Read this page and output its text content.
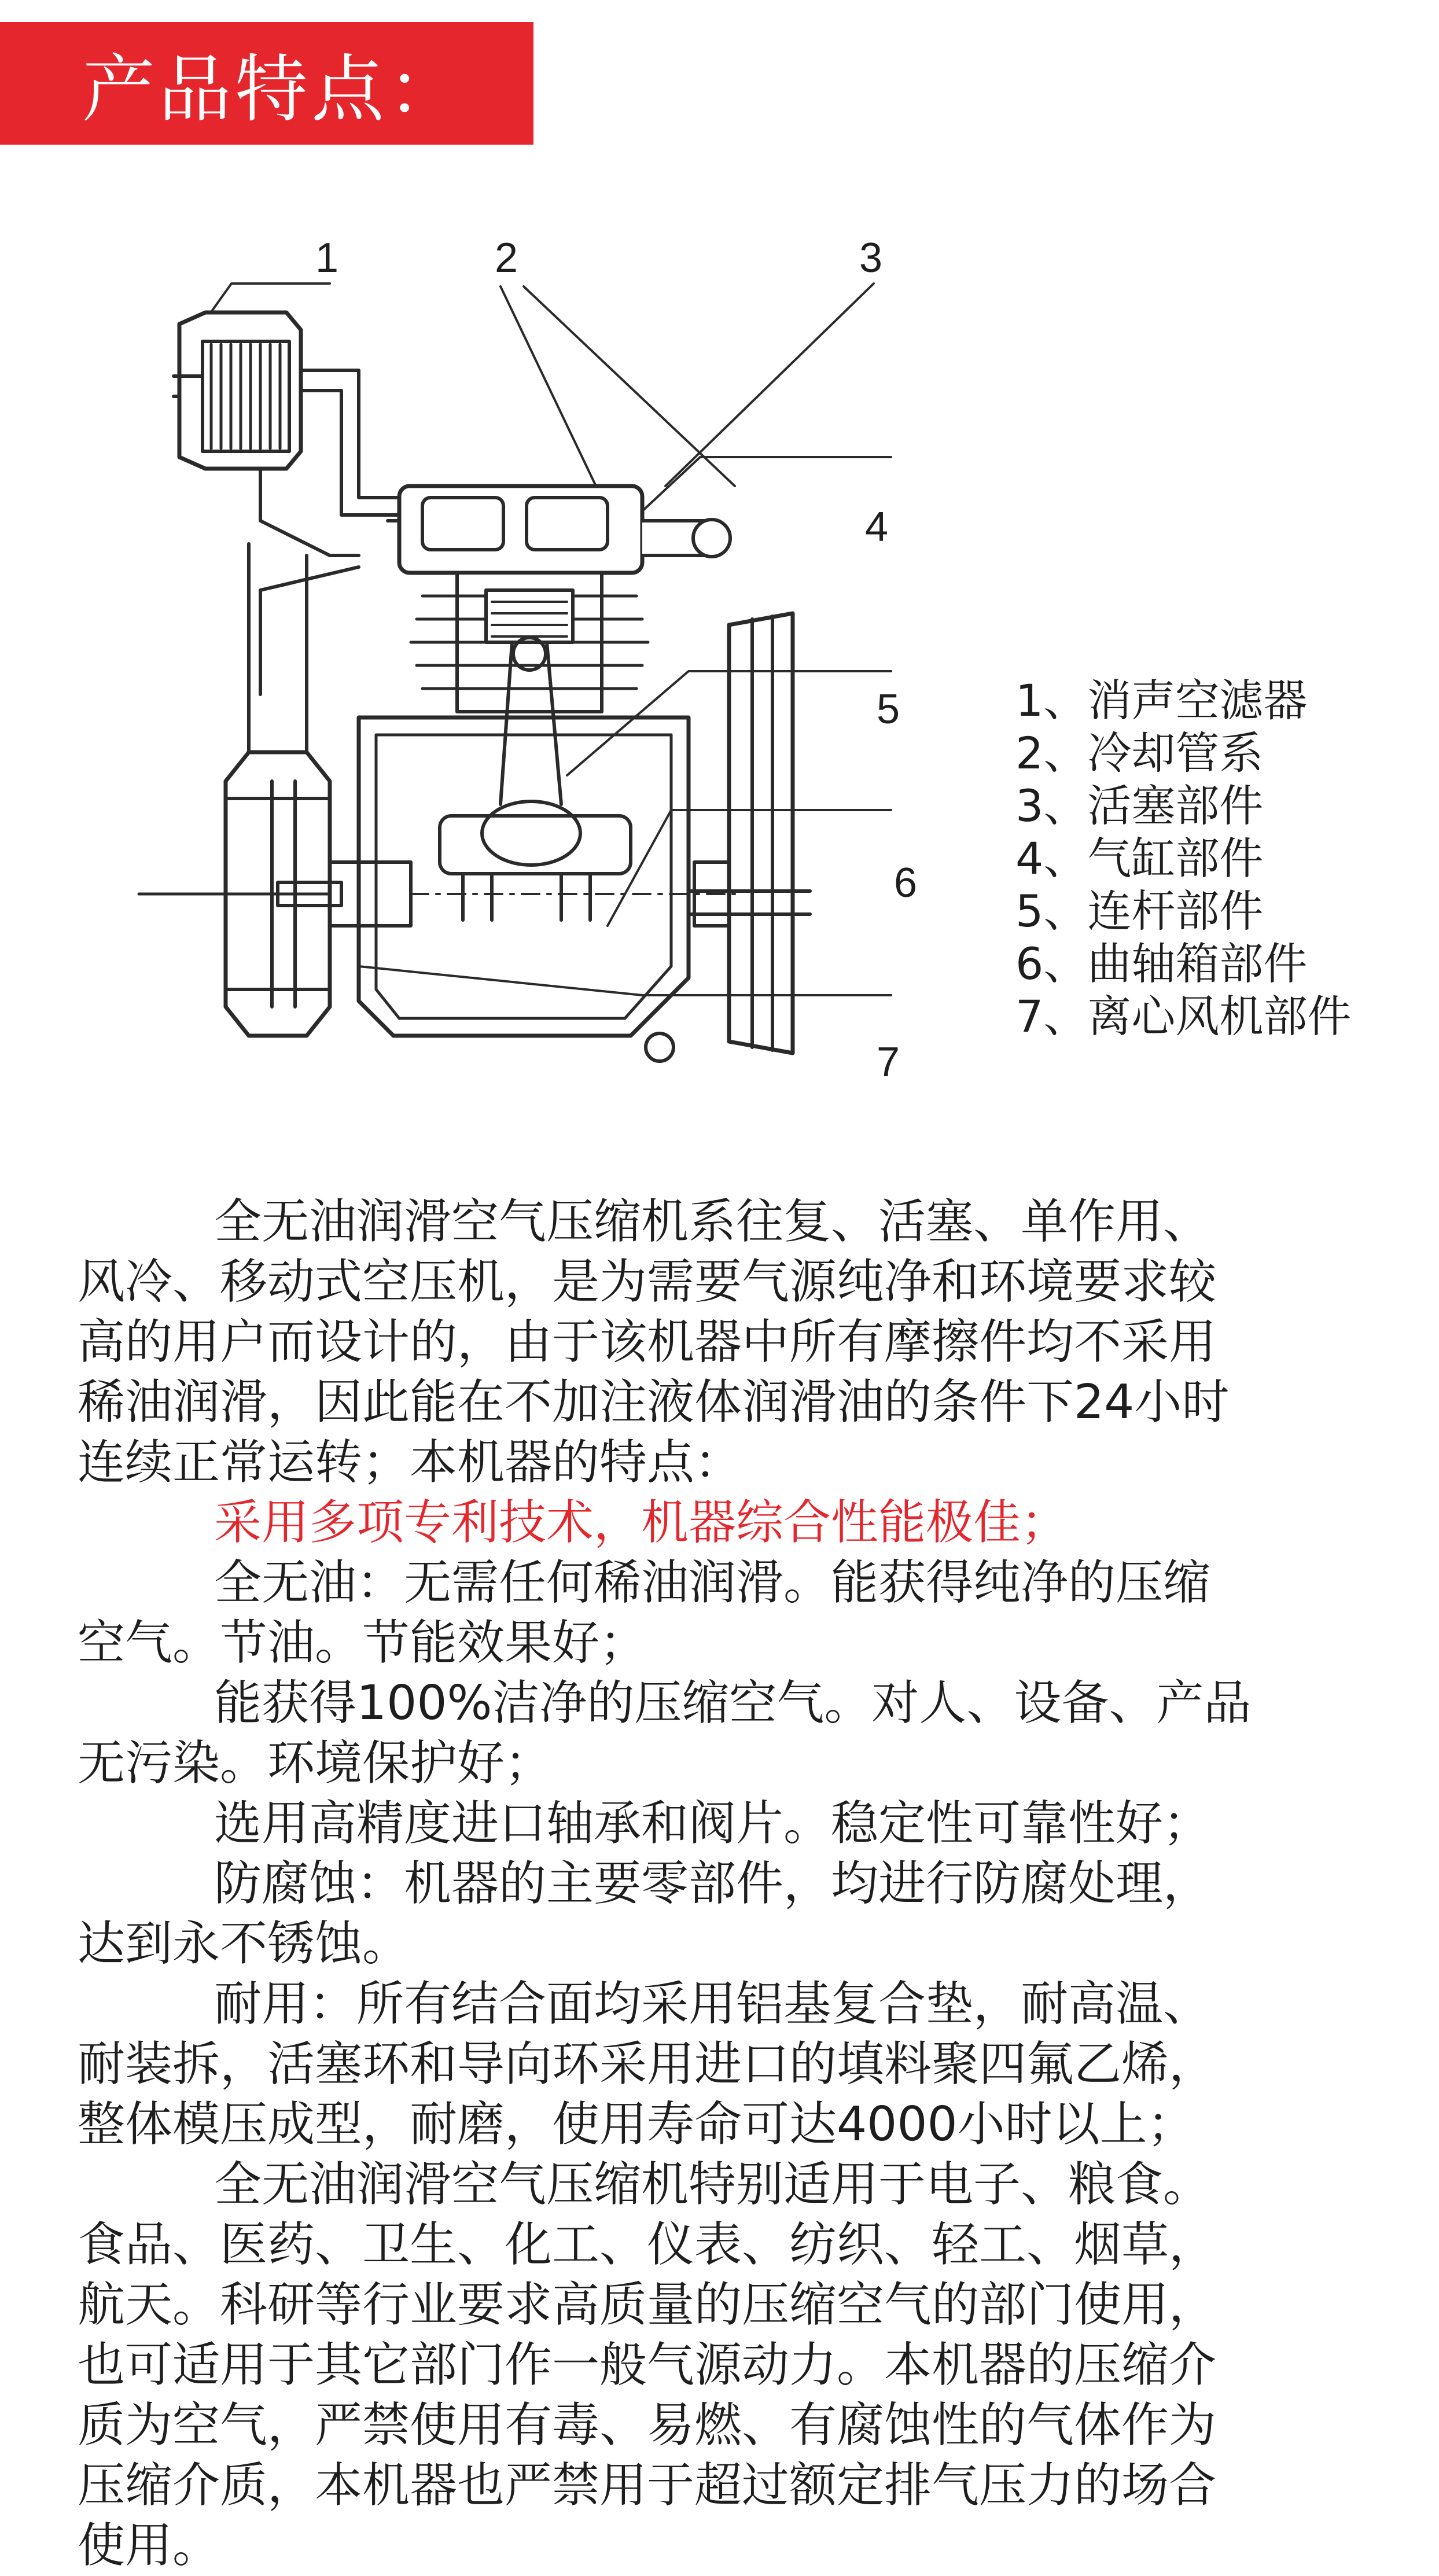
产品特点：
1	2	3
4
5
6
7
1、消声空滤器
2、冷却管系
3、活塞部件
4、气缸部件
5、连杆部件
6、曲轴箱部件
7、离心风机部件

全无油润滑空气压缩机系往复、活塞、单作用、

风冷、移动式空压机，是为需要气源纯净和环境要求较

高的用户而设计的，由于该机器中所有摩擦件均不采用

稀油润滑，因此能在不加注液体润滑油的条件下24小时

连续正常运转；本机器的特点：

采用多项专利技术，机器综合性能极佳；

全无油：无需任何稀油润滑。能获得纯净的压缩

空气。节油。节能效果好；

能获得100%洁净的压缩空气。对人、设备、产品

无污染。环境保护好；

选用高精度进口轴承和阀片。稳定性可靠性好；

防腐蚀：机器的主要零部件，均进行防腐处理，

达到永不锈蚀。

耐用：所有结合面均采用铝基复合垫，耐高温、

耐装拆，活塞环和导向环采用进口的填料聚四氟乙烯，

整体模压成型，耐磨，使用寿命可达4000小时以上；

全无油润滑空气压缩机特别适用于电子、粮食。

食品、医药、卫生、化工、仪表、纺织、轻工、烟草，

航天。科研等行业要求高质量的压缩空气的部门使用，

也可适用于其它部门作一般气源动力。本机器的压缩介

质为空气，严禁使用有毒、易燃、有腐蚀性的气体作为

压缩介质，本机器也严禁用于超过额定排气压力的场合

使用。
